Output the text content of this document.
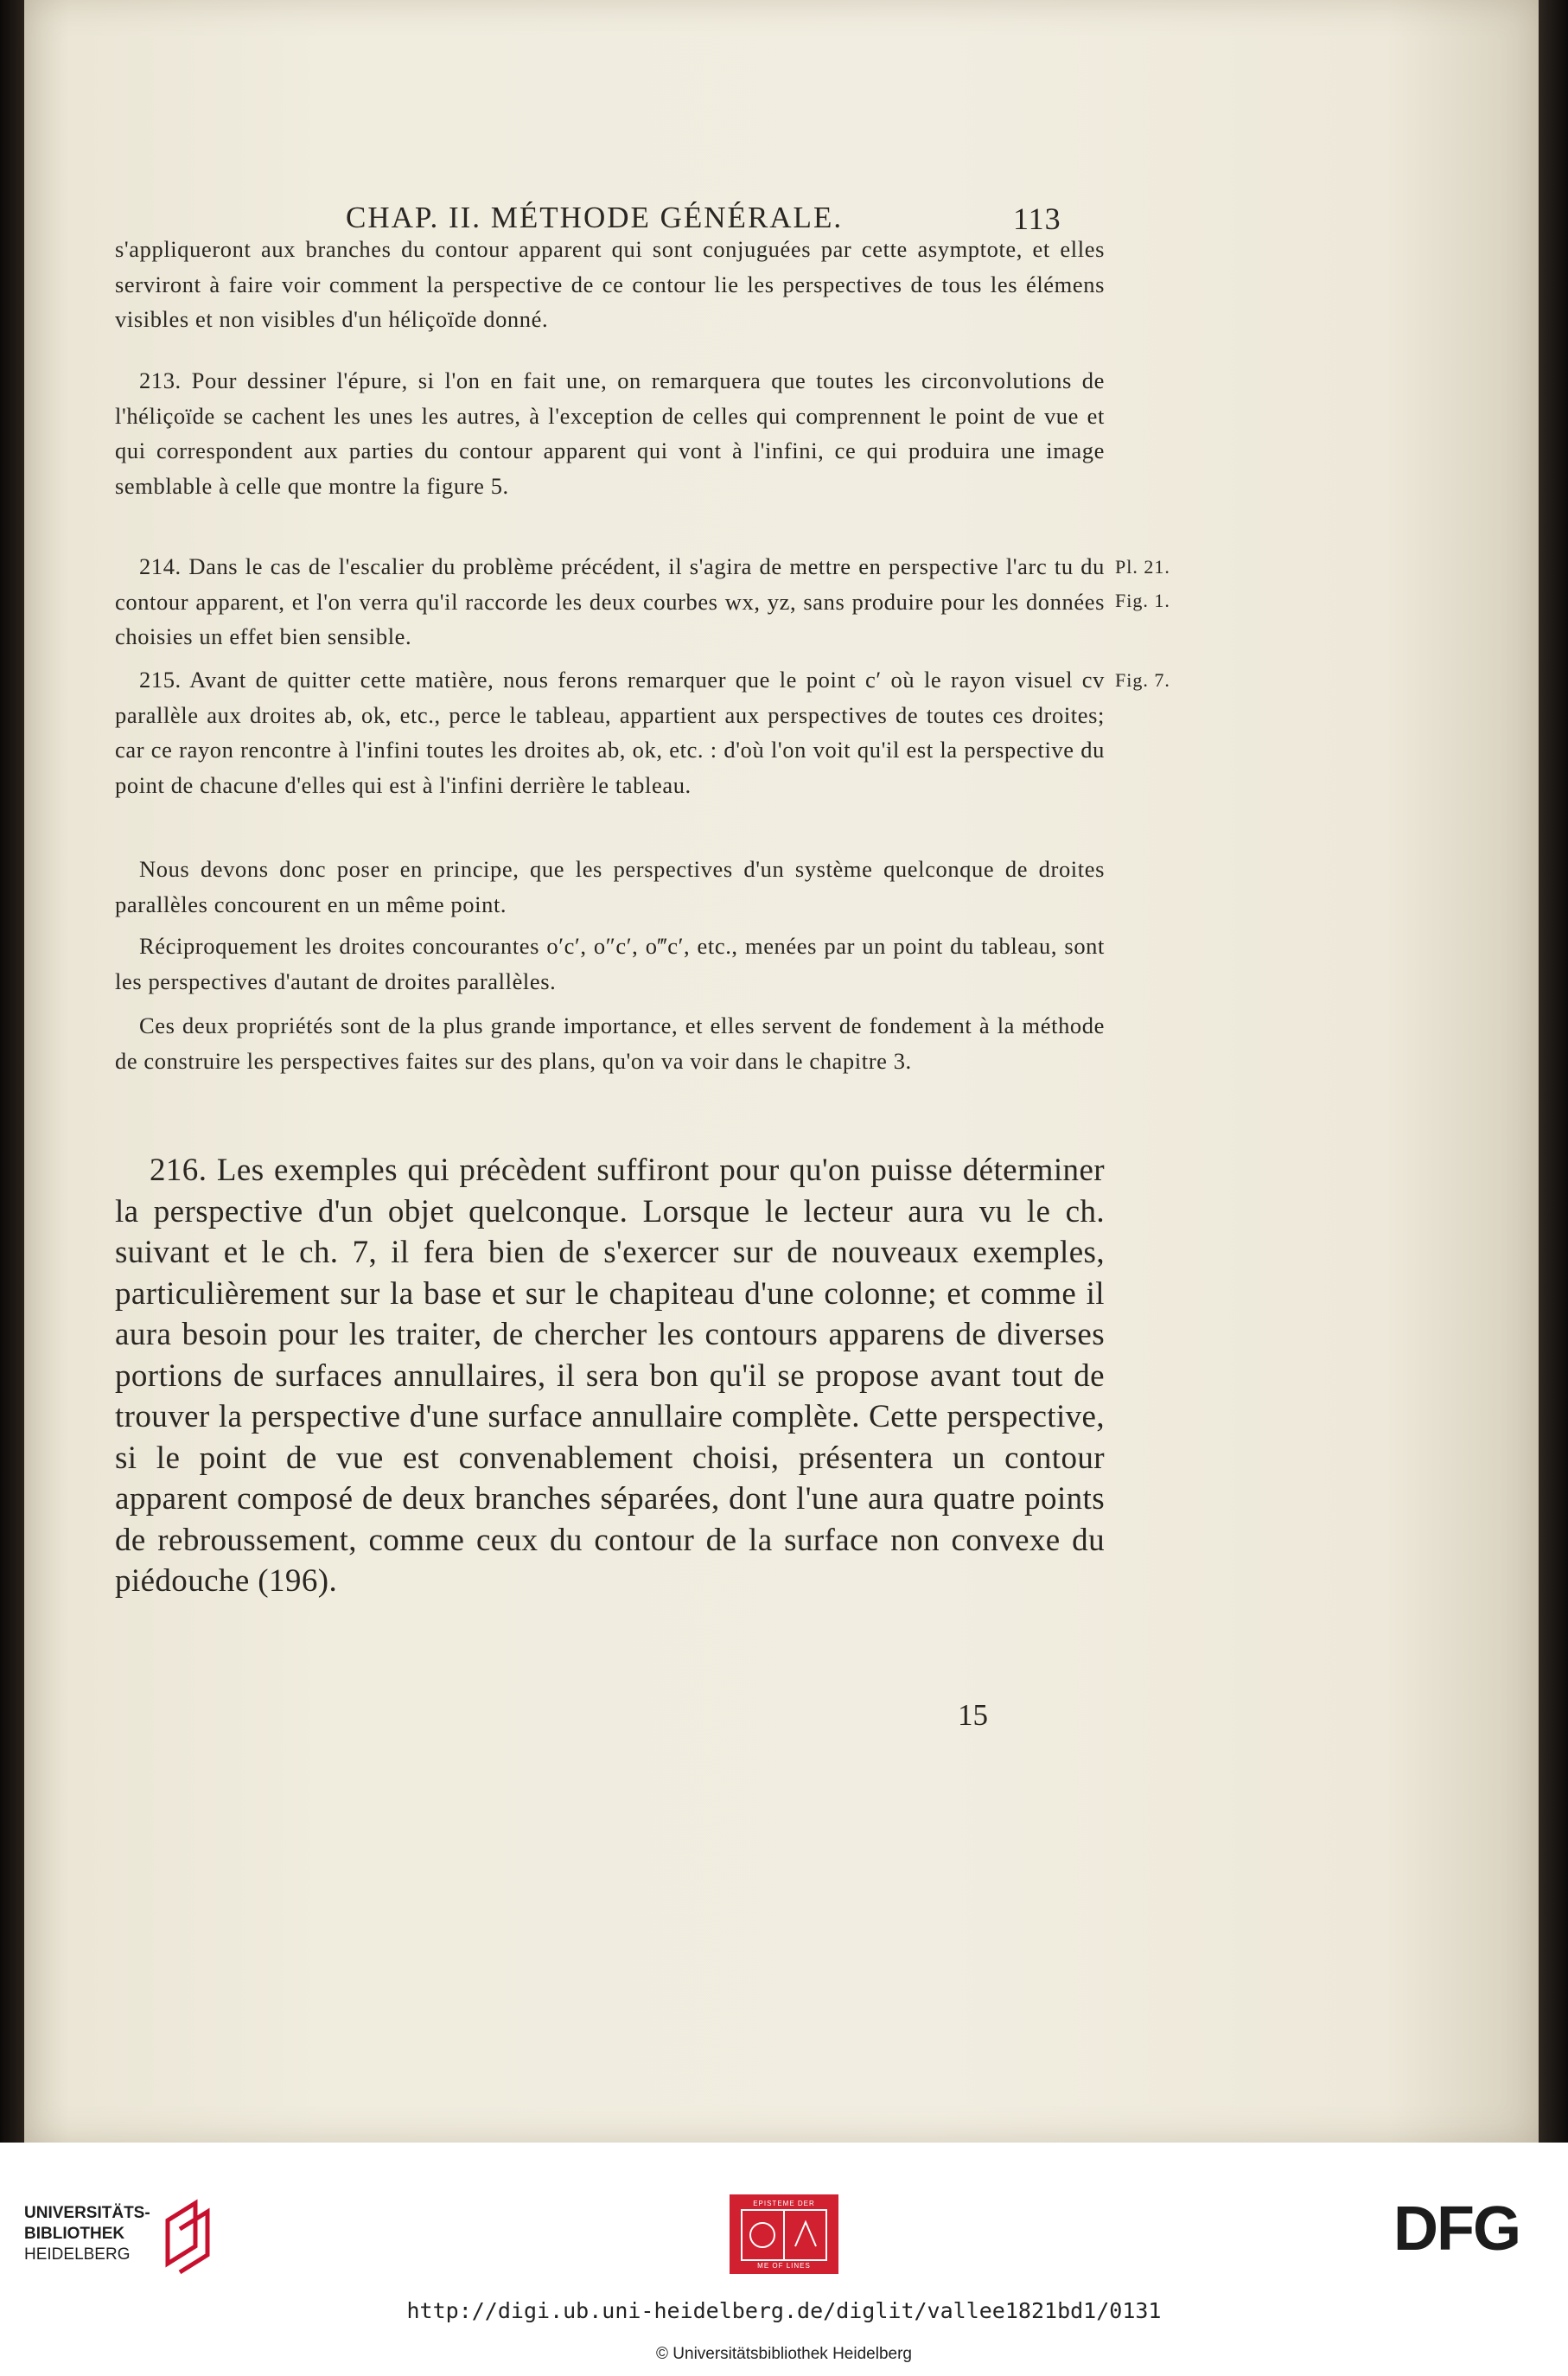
CHAP. II. MÉTHODE GÉNÉRALE.	113
s'appliqueront aux branches du contour apparent qui sont conjuguées par cette asymptote, et elles serviront à faire voir comment la perspective de ce contour lie les perspectives de tous les élémens visibles et non visibles d'un héliçoïde donné.
213. Pour dessiner l'épure, si l'on en fait une, on remarquera que toutes les circonvolutions de l'héliçoïde se cachent les unes les autres, à l'exception de celles qui comprennent le point de vue et qui correspondent aux parties du contour apparent qui vont à l'infini, ce qui produira une image semblable à celle que montre la figure 5.
214. Dans le cas de l'escalier du problème précédent, il s'agira de mettre en perspective l'arc tu du contour apparent, et l'on verra qu'il raccorde les deux courbes wx, yz, sans produire pour les données choisies un effet bien sensible.
215. Avant de quitter cette matière, nous ferons remarquer que le point c′ où le rayon visuel cv parallèle aux droites ab, ok, etc., perce le tableau, appartient aux perspectives de toutes ces droites; car ce rayon rencontre à l'infini toutes les droites ab, ok, etc. : d'où l'on voit qu'il est la perspective du point de chacune d'elles qui est à l'infini derrière le tableau.
Nous devons donc poser en principe, que les perspectives d'un système quelconque de droites parallèles concourent en un même point.
Réciproquement les droites concourantes o′c′, o″c′, o‴c′, etc., menées par un point du tableau, sont les perspectives d'autant de droites parallèles.
Ces deux propriétés sont de la plus grande importance, et elles servent de fondement à la méthode de construire les perspectives faites sur des plans, qu'on va voir dans le chapitre 3.
Pl. 21.
Fig. 1.
Fig. 7.
216. Les exemples qui précèdent suffiront pour qu'on puisse déterminer la perspective d'un objet quelconque. Lorsque le lecteur aura vu le ch. suivant et le ch. 7, il fera bien de s'exercer sur de nouveaux exemples, particulièrement sur la base et sur le chapiteau d'une colonne; et comme il aura besoin pour les traiter, de chercher les contours apparens de diverses portions de surfaces annullaires, il sera bon qu'il se propose avant tout de trouver la perspective d'une surface annullaire complète. Cette perspective, si le point de vue est convenablement choisi, présentera un contour apparent composé de deux branches séparées, dont l'une aura quatre points de rebroussement, comme ceux du contour de la surface non convexe du piédouche (196).
15
UNIVERSITÄTS-
BIBLIOTHEK
HEIDELBERG
EPISTEME DER
ME OF LINES
DFG
http://digi.ub.uni-heidelberg.de/diglit/vallee1821bd1/0131
© Universitätsbibliothek Heidelberg
